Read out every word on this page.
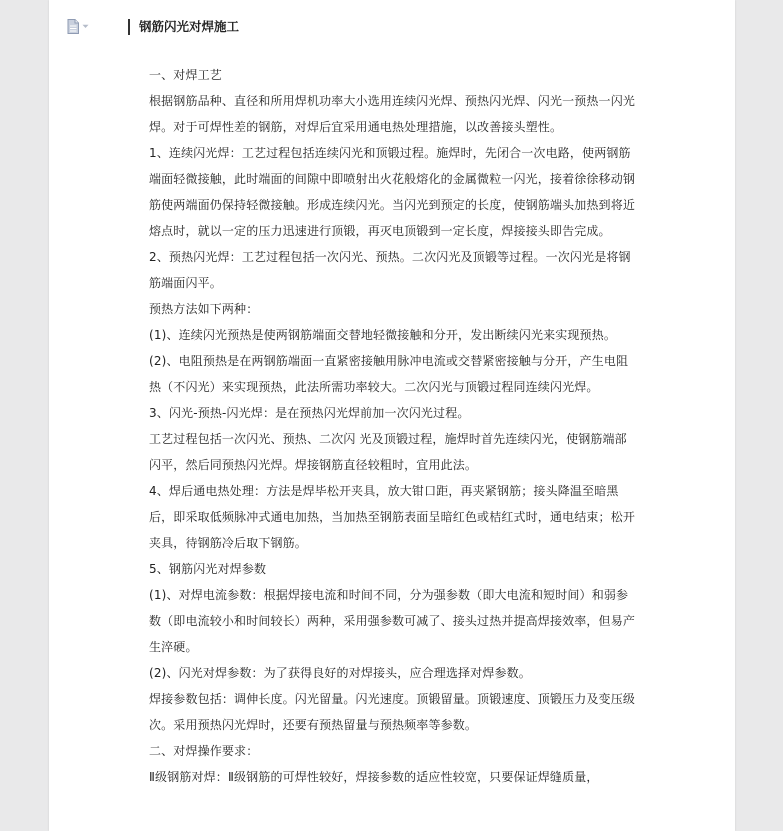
钢筋闪光对焊施工

一、对焊工艺

根据钢筋品种、直径和所用焊机功率大小选用连续闪光焊、预热闪光焊、闪光一预热一闪光焊。对于可焊性差的钢筋，对焊后宜采用通电热处理措施，以改善接头塑性。

1、连续闪光焊：工艺过程包括连续闪光和顶锻过程。施焊时，先闭合一次电路，使两钢筋端面轻微接触，此时端面的间隙中即喷射出火花般熔化的金属微粒一闪光，接着徐徐移动钢筋使两端面仍保持轻微接触。形成连续闪光。当闪光到预定的长度，使钢筋端头加热到将近熔点时，就以一定的压力迅速进行顶锻，再灭电顶锻到一定长度，焊接接头即告完成。

2、预热闪光焊：工艺过程包括一次闪光、预热。二次闪光及顶锻等过程。一次闪光是将钢筋端面闪平。

预热方法如下两种：

(1)、连续闪光预热是使两钢筋端面交替地轻微接触和分开，发出断续闪光来实现预热。

(2)、电阻预热是在两钢筋端面一直紧密接触用脉冲电流或交替紧密接触与分开，产生电阻热（不闪光）来实现预热，此法所需功率较大。二次闪光与顶锻过程同连续闪光焊。

3、闪光-预热-闪光焊：是在预热闪光焊前加一次闪光过程。

工艺过程包括一次闪光、预热、二次闪 光及顶锻过程，施焊时首先连续闪光，使钢筋端部闪平，然后同预热闪光焊。焊接钢筋直径较粗时，宜用此法。

4、焊后通电热处理：方法是焊毕松开夹具，放大钳口距，再夹紧钢筋；接头降温至暗黑后，即采取低频脉冲式通电加热，当加热至钢筋表面呈暗红色或桔红式时，通电结束；松开夹具，待钢筋冷后取下钢筋。

5、钢筋闪光对焊参数

(1)、对焊电流参数：根据焊接电流和时间不同，分为强参数（即大电流和短时间）和弱参数（即电流较小和时间较长）两种，采用强参数可减了、接头过热并提高焊接效率，但易产生淬硬。

(2)、闪光对焊参数：为了获得良好的对焊接头，应合理选择对焊参数。

焊接参数包括：调伸长度。闪光留量。闪光速度。顶锻留量。顶锻速度、顶锻压力及变压级次。采用预热闪光焊时，还要有预热留量与预热频率等参数。

二、对焊操作要求：

Ⅱ级钢筋对焊：Ⅱ级钢筋的可焊性较好，焊接参数的适应性较宽，只要保证焊缝质量，
